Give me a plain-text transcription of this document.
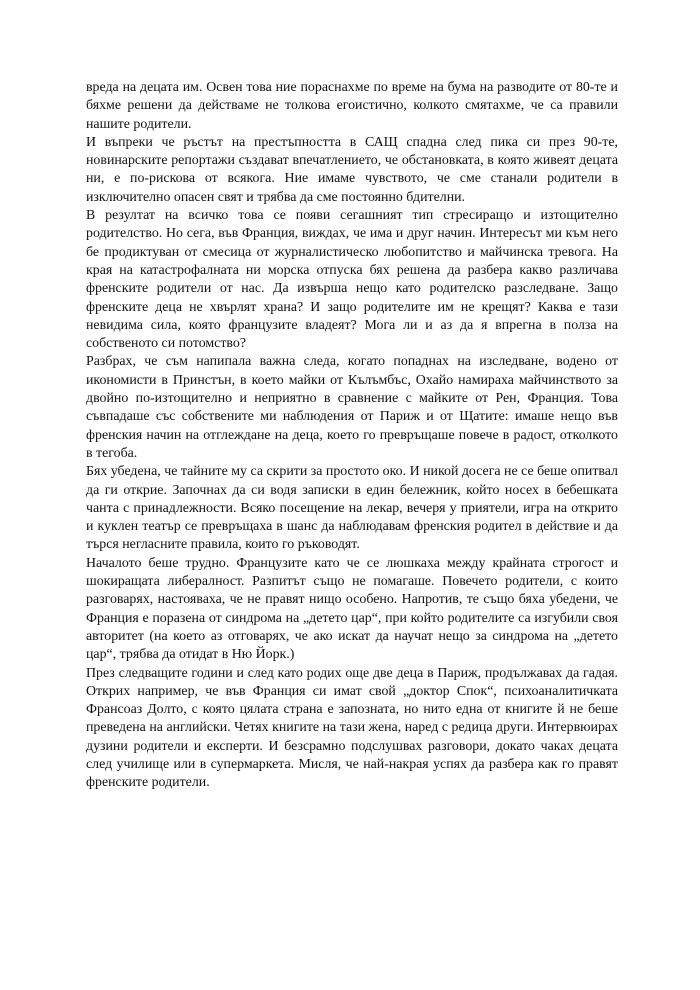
вреда на децата им. Освен това ние пораснахме по време на бума на разводите от 80-те и бяхме решени да действаме не толкова егоистично, колкото смятахме, че са правили нашите родители.

И въпреки че ръстът на престъпността в САЩ спадна след пика си през 90-те, новинарските репортажи създават впечатлението, че обстановката, в която живеят децата ни, е по-рискова от всякога. Ние имаме чувството, че сме станали родители в изключително опасен свят и трябва да сме постоянно бдителни.

В резултат на всичко това се появи сегашният тип стресиращо и изтощително родителство. Но сега, във Франция, виждах, че има и друг начин. Интересът ми към него бе продиктуван от смесица от журналистическо любопитство и майчинска тревога. На края на катастрофалната ни морска отпуска бях решена да разбера какво различава френските родители от нас. Да извърша нещо като родителско разследване. Защо френските деца не хвърлят храна? И защо родителите им не крещят? Каква е тази невидима сила, която французите владеят? Мога ли и аз да я впрегна в полза на собственото си потомство?

Разбрах, че съм напипала важна следа, когато попаднах на изследване, водено от икономисти в Принстън, в което майки от Кълъмбъс, Охайо намираха майчинството за двойно по-изтощително и неприятно в сравнение с майките от Рен, Франция. Това съвпадаше със собствените ми наблюдения от Париж и от Щатите: имаше нещо във френския начин на отглеждане на деца, което го превръщаше повече в радост, отколкото в тегоба.

Бях убедена, че тайните му са скрити за простото око. И никой досега не се беше опитвал да ги открие. Започнах да си водя записки в един бележник, който носех в бебешката чанта с принадлежности. Всяко посещение на лекар, вечеря у приятели, игра на открито и куклен театър се превръщаха в шанс да наблюдавам френския родител в действие и да търся негласните правила, които го ръководят.

Началото беше трудно. Французите като че се люшкаха между крайната строгост и шокиращата либералност. Разпитът също не помагаше. Повечето родители, с които разговарях, настояваха, че не правят нищо особено. Напротив, те също бяха убедени, че Франция е поразена от синдрома на „детето цар“, при който родителите са изгубили своя авторитет (на което аз отговарях, че ако искат да научат нещо за синдрома на „детето цар“, трябва да отидат в Ню Йорк.)

През следващите години и след като родих още две деца в Париж, продължавах да гадая. Открих например, че във Франция си имат свой „доктор Спок“, психоаналитичката Франсоаз Долто, с която цялата страна е запозната, но нито една от книгите й не беше преведена на английски. Четях книгите на тази жена, наред с редица други. Интервюирах дузини родители и експерти. И безсрамно подслушвах разговори, докато чаках децата след училище или в супермаркета. Мисля, че най-накрая успях да разбера как го правят френските родители.
